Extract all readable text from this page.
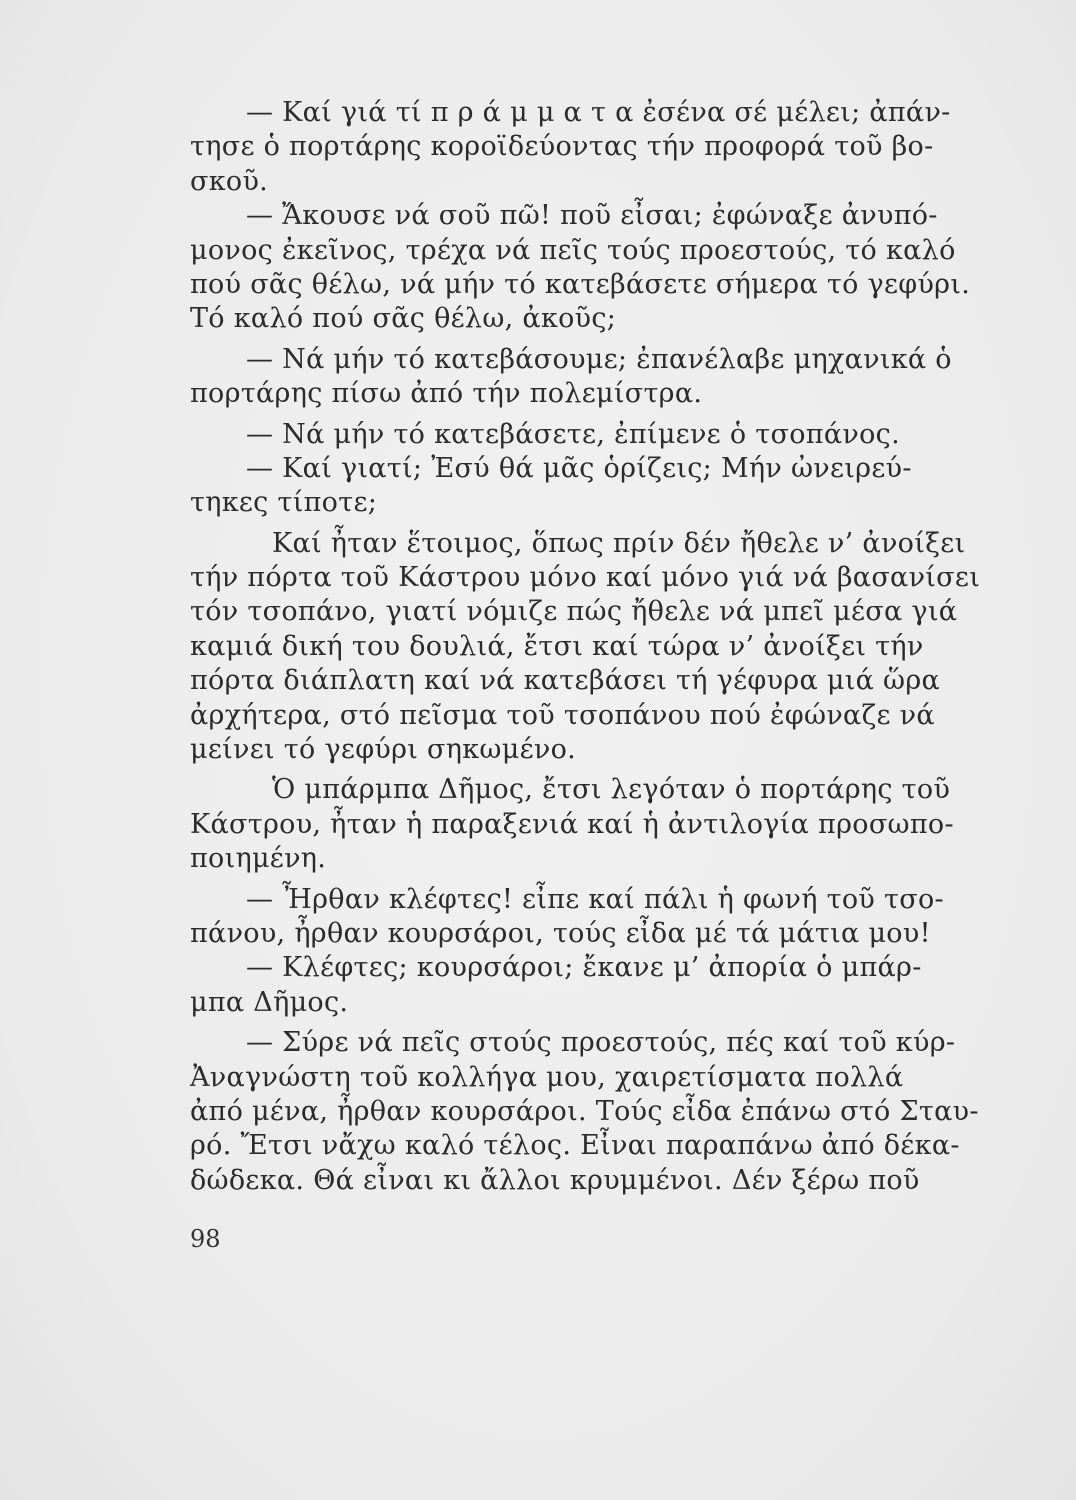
— Καί γιά τί π ρ ά μ μ α τ α ἐσένα σέ μέλει; ἀπάν-
τησε ὁ πορτάρης κοροϊδεύοντας τήν προφορά τοῦ βο-
σκοῦ.
— Ἄκουσε νά σοῦ πῶ! ποῦ εἶσαι; ἐφώναξε ἀνυπό-
μονος ἐκεῖνος, τρέχα νά πεῖς τούς προεστούς, τό καλό
πού σᾶς θέλω, νά μήν τό κατεβάσετε σήμερα τό γεφύρι.
Τό καλό πού σᾶς θέλω, ἀκοῦς;
— Νά μήν τό κατεβάσουμε; ἐπανέλαβε μηχανικά ὁ
πορτάρης πίσω ἀπό τήν πολεμίστρα.
— Νά μήν τό κατεβάσετε, ἐπίμενε ὁ τσοπάνος.
— Καί γιατί; Ἐσύ θά μᾶς ὁρίζεις; Μήν ὠνειρεύ-
τηκες τίποτε;
Καί ἦταν ἕτοιμος, ὅπως πρίν δέν ἤθελε ν’ ἀνοίξει
τήν πόρτα τοῦ Κάστρου μόνο καί μόνο γιά νά βασανίσει
τόν τσοπάνο, γιατί νόμιζε πώς ἤθελε νά μπεῖ μέσα γιά
καμιά δική του δουλιά, ἔτσι καί τώρα ν’ ἀνοίξει τήν
πόρτα διάπλατη καί νά κατεβάσει τή γέφυρα μιά ὥρα
ἀρχήτερα, στό πεῖσμα τοῦ τσοπάνου πού ἐφώναζε νά
μείνει τό γεφύρι σηκωμένο.
Ὁ μπάρμπα Δῆμος, ἔτσι λεγόταν ὁ πορτάρης τοῦ
Κάστρου, ἦταν ἡ παραξενιά καί ἡ ἀντιλογία προσωπο-
ποιημένη.
— Ἦρθαν κλέφτες! εἶπε καί πάλι ἡ φωνή τοῦ τσο-
πάνου, ἦρθαν κουρσάροι, τούς εἶδα μέ τά μάτια μου!
— Κλέφτες; κουρσάροι; ἔκανε μ’ ἀπορία ὁ μπάρ-
μπα Δῆμος.
— Σύρε νά πεῖς στούς προεστούς, πές καί τοῦ κύρ-
Ἀναγνώστη τοῦ κολλήγα μου, χαιρετίσματα πολλά
ἀπό μένα, ἦρθαν κουρσάροι. Τούς εἶδα ἐπάνω στό Σταυ-
ρό. Ἔτσι νἄχω καλό τέλος. Εἶναι παραπάνω ἀπό δέκα-
δώδεκα. Θά εἶναι κι ἄλλοι κρυμμένοι. Δέν ξέρω ποῦ
98
